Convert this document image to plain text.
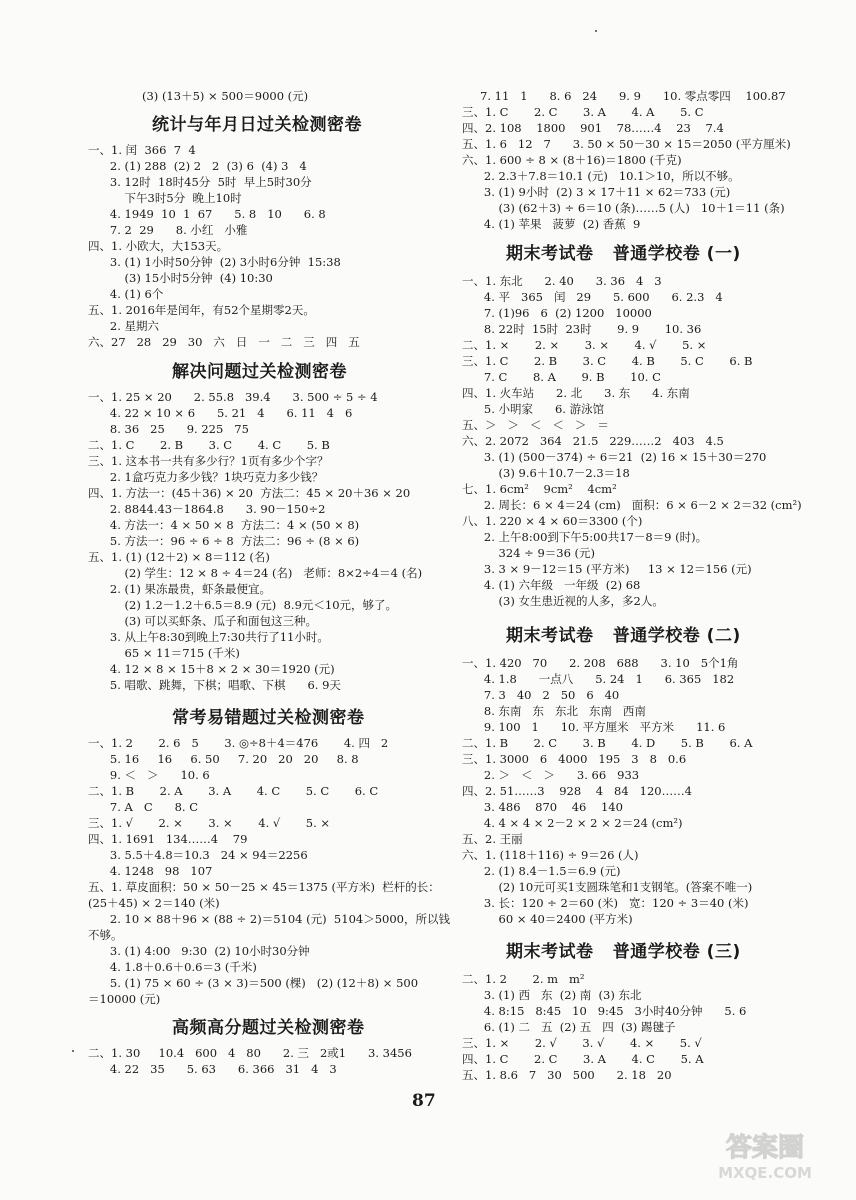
(3) (13＋5) × 500＝9000 (元)
统计与年月日过关检测密卷
一、1. 闰  366  7  4
2. (1) 288  (2) 2   2  (3) 6  (4) 3   4
3. 12时  18时45分  5时  早上5时30分
下午3时5分  晚上10时
4. 1949  10  1  67      5. 8   10      6. 8
7. 2  29      8. 小红   小雅
四、1. 小欧大，大153天。
3. (1) 1小时50分钟  (2) 3小时6分钟  15:38
(3) 15小时5分钟  (4) 10:30
4. (1) 6个
五、1. 2016年是闰年，有52个星期零2天。
2. 星期六
六、27   28   29   30   六   日   一   二   三   四   五
解决问题过关检测密卷
一、1. 25 × 20      2. 55.8   39.4      3. 500 ÷ 5 ÷ 4
4. 22 × 10 × 6      5. 21   4      6. 11   4   6
8. 36   25      9. 225   75
二、1. C       2. B       3. C       4. C       5. B
三、1. 这本书一共有多少行？1页有多少个字？
2. 1盒巧克力多少钱？1块巧克力多少钱？
四、1. 方法一：(45＋36) × 20  方法二：45 × 20＋36 × 20
2. 8844.43－1864.8      3. 90－150÷2
4. 方法一：4 × 50 × 8  方法二：4 × (50 × 8)
5. 方法一：96 ÷ 6 ÷ 8  方法二：96 ÷ (8 × 6)
五、1. (1) (12＋2) × 8＝112 (名)
(2) 学生：12 × 8 ÷ 4＝24 (名)   老师：8×2÷4＝4 (名)
2. (1) 果冻最贵，虾条最便宜。
(2) 1.2－1.2＋6.5＝8.9 (元)  8.9元＜10元，够了。
(3) 可以买虾条、瓜子和面包这三种。
3. 从上午8:30到晚上7:30共行了11小时。
65 × 11＝715 (千米)
4. 12 × 8 × 15＋8 × 2 × 30＝1920 (元)
5. 唱歌、跳舞，下棋；唱歌、下棋      6. 9天
常考易错题过关检测密卷
一、1. 2       2. 6   5       3. ◎÷8＋4＝476       4. 四   2
5. 16     16     6. 50     7. 20   20   20     8. 8
9. ＜   ＞      10. 6
二、1. B       2. A       3. A       4. C       5. C       6. C
7. A   C      8. C
三、1. √       2. ×       3. ×       4. √       5. ×
四、1. 1691   134……4    79
3. 5.5＋4.8＝10.3   24 × 94＝2256
4. 1248   98   107
五、1. 草皮面积：50 × 50－25 × 45＝1375 (平方米)  栏杆的长：
(25＋45) × 2＝140 (米)
2. 10 × 88＋96 × (88 ÷ 2)＝5104 (元)  5104＞5000，所以钱
不够。
3. (1) 4:00   9:30  (2) 10小时30分钟
4. 1.8＋0.6＋0.6＝3 (千米)
5. (1) 75 × 60 ÷ (3 × 3)＝500 (棵)   (2) (12＋8) × 500
＝10000 (元)
高频高分题过关检测密卷
二、1. 30     10.4   600   4   80      2. 三   2或1      3. 3456
4. 22   35      5. 63      6. 366   31   4   3
7. 11   1      8. 6   24      9. 9      10. 零点零四    100.87
三、1. C       2. C       3. A       4. A       5. C
四、2. 108    1800    901    78……4    23    7.4
五、1. 6   12   7      3. 50 × 50－30 × 15＝2050 (平方厘米)
六、1. 600 ÷ 8 × (8＋16)＝1800 (千克)
2. 2.3＋7.8＝10.1 (元)   10.1＞10，所以不够。
3. (1) 9小时  (2) 3 × 17＋11 × 62＝733 (元)
(3) (62＋3) ÷ 6＝10 (条)……5 (人)   10＋1＝11 (条)
4. (1) 苹果   菠萝  (2) 香蕉  9
期末考试卷   普通学校卷 (一)
一、1. 东北      2. 40      3. 36   4   3
4. 平   365   闰   29      5. 600      6. 2.3   4
7. (1)96   6  (2) 1200   10000
8. 22时  15时  23时       9. 9       10. 36
二、1. ×       2. ×       3. ×       4. √       5. ×
三、1. C       2. B       3. C       4. B       5. C       6. B
7. C       8. A       9. B       10. C
四、1. 火车站      2. 北      3. 东      4. 东南
5. 小明家      6. 游泳馆
五、＞   ＞   ＜   ＜   ＞   ＝
六、2. 2072   364   21.5   229……2   403   4.5
3. (1) (500－374) ÷ 6＝21  (2) 16 × 15＋30＝270
(3) 9.6＋10.7－2.3＝18
七、1. 6cm²    9cm²    4cm²
2. 周长：6 × 4＝24 (cm)   面积：6 × 6－2 × 2＝32 (cm²)
八、1. 220 × 4 × 60＝3300 (个)
2. 上午8:00到下午5:00共17－8＝9 (时)。
324 ÷ 9＝36 (元)
3. 3 × 9－12＝15 (平方米)     13 × 12＝156 (元)
4. (1) 六年级   一年级  (2) 68
(3) 女生患近视的人多，多2人。
期末考试卷   普通学校卷 (二)
一、1. 420   70      2. 208   688      3. 10   5个1角
4. 1.8      一点八      5. 24   1      6. 365   182
7. 3   40   2   50   6   40
8. 东南   东   东北   东南   西南
9. 100   1      10. 平方厘米   平方米      11. 6
二、1. B       2. C       3. B       4. D       5. B       6. A
三、1. 3000   6   4000   195   3   8   0.6
2. ＞   ＜   ＞      3. 66   933
四、2. 51……3    928    4   84   120……4
3. 486    870    46    140
4. 4 × 4 × 2－2 × 2 × 2＝24 (cm²)
五、2. 王丽
六、1. (118＋116) ÷ 9＝26 (人)
2. (1) 8.4－1.5＝6.9 (元)
(2) 10元可买1支圆珠笔和1支钢笔。(答案不唯一)
3. 长：120 ÷ 2＝60 (米)   宽：120 ÷ 3＝40 (米)
60 × 40＝2400 (平方米)
期末考试卷   普通学校卷 (三)
二、1. 2       2. m   m²
3. (1) 西   东  (2) 南  (3) 东北
4. 8:15   8:45   10   9:45   3小时40分钟      5. 6
6. (1) 二   五  (2) 五   四  (3) 踢毽子
三、1. ×       2. √       3. √       4. ×       5. √
四、1. C       2. C       3. A       4. C       5. A
五、1. 8.6   7   30   500      2. 18   20
87
答案圈
MXQE.COM
